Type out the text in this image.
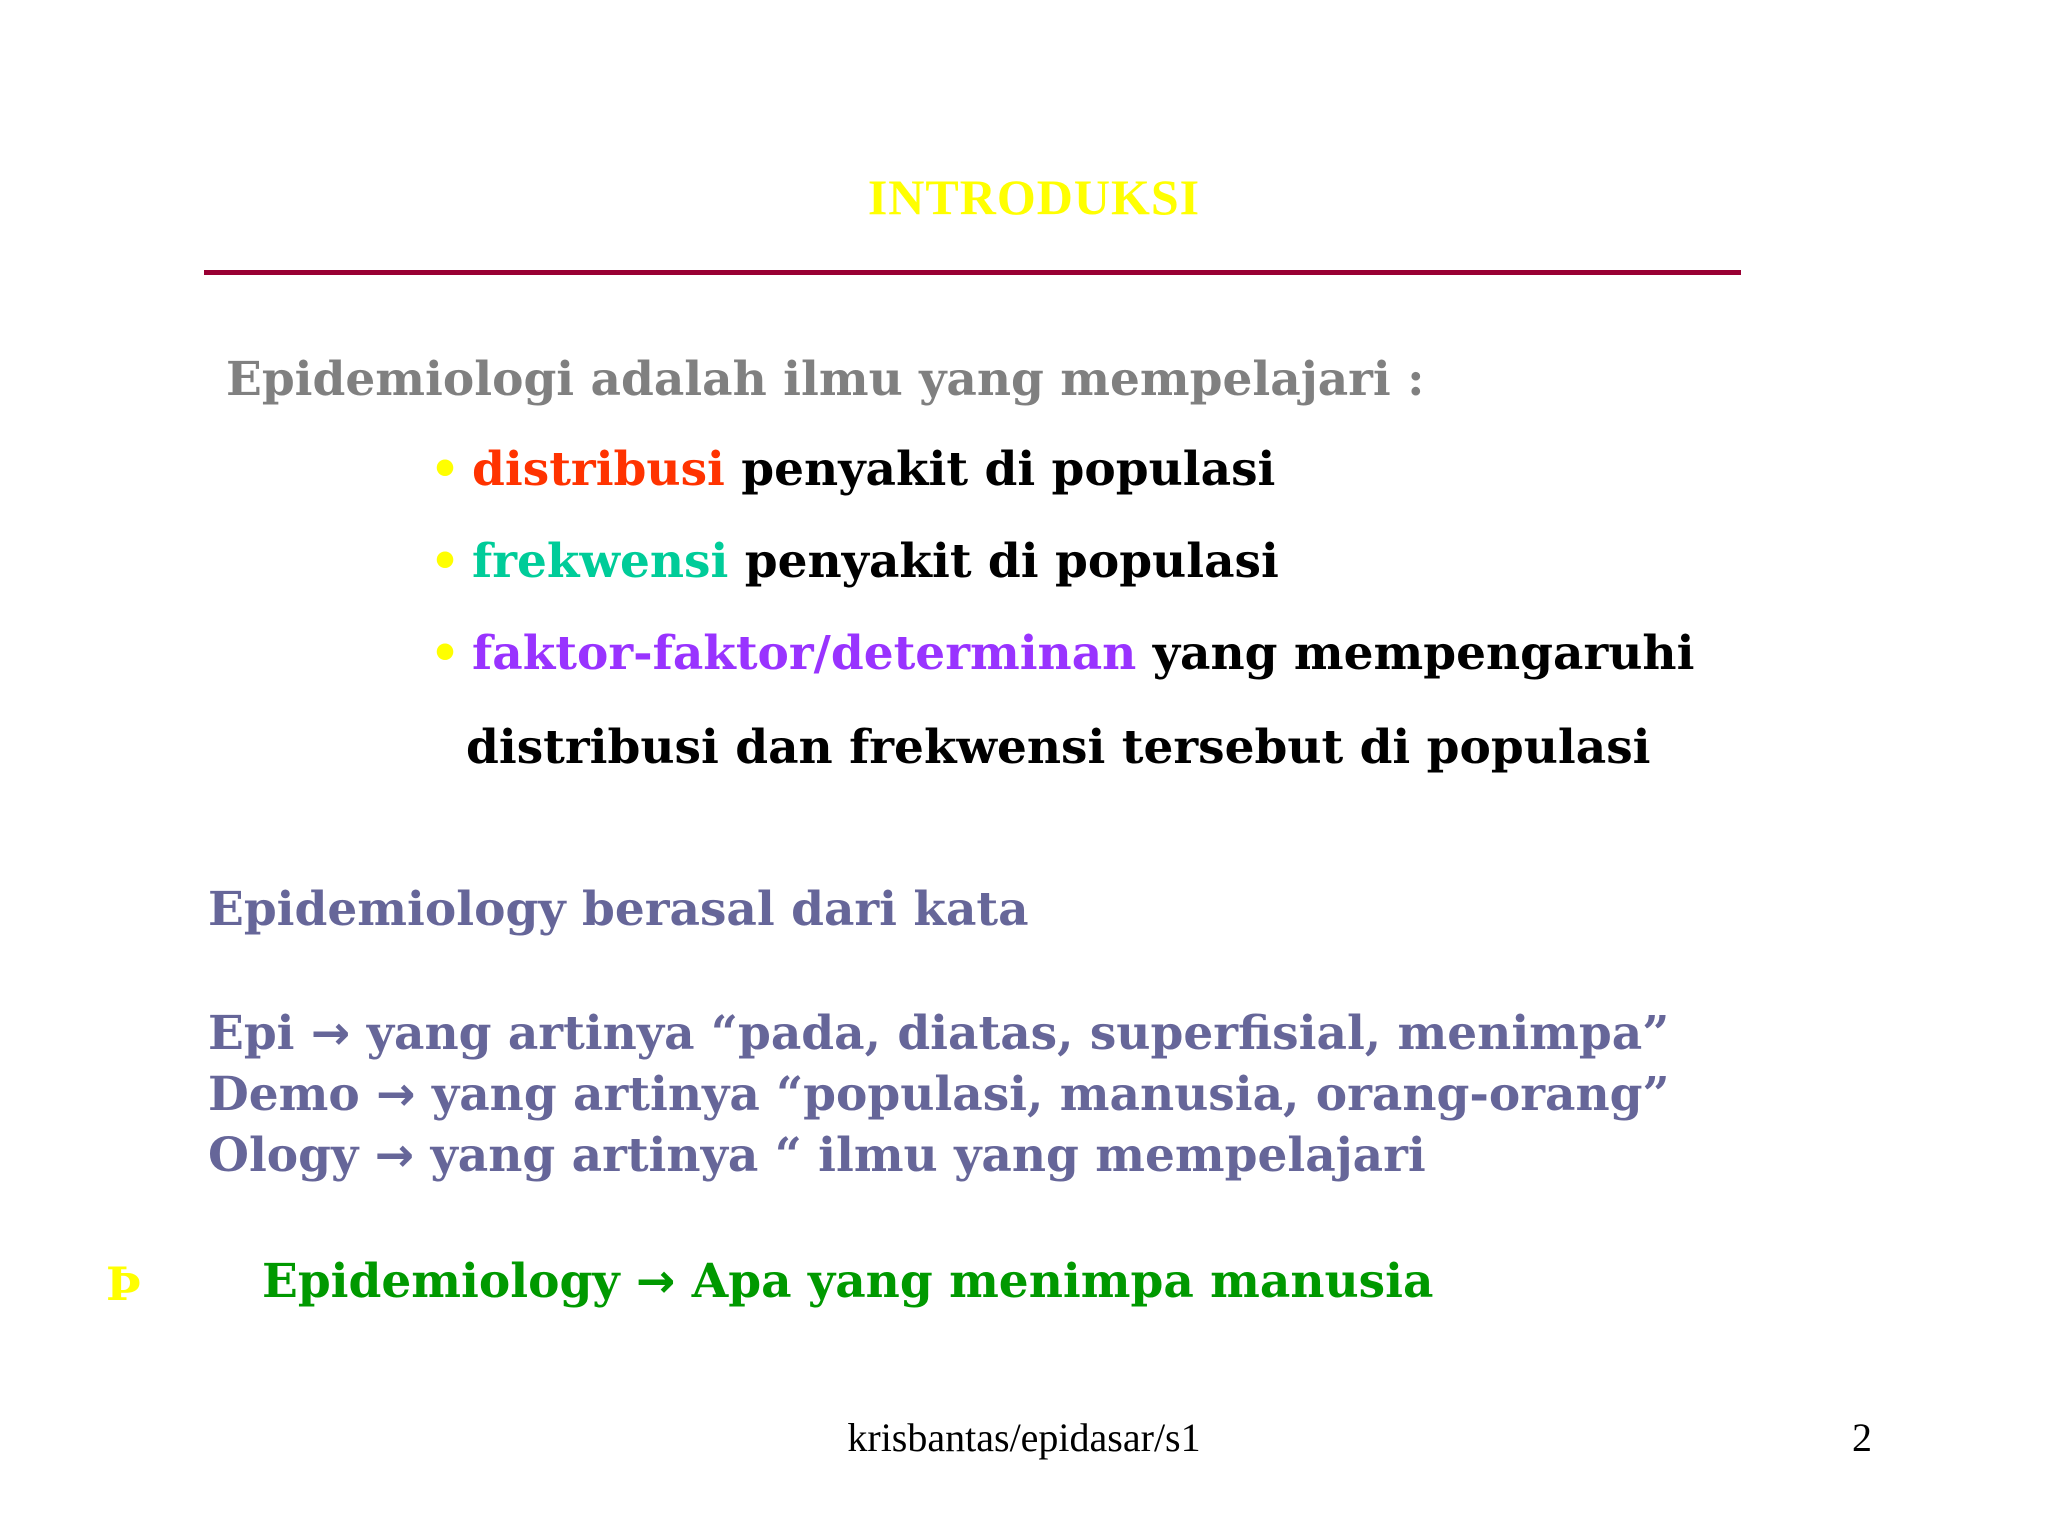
INTRODUKSI
Epidemiologi adalah ilmu yang mempelajari :
• distribusi penyakit di populasi
• frekwensi penyakit di populasi
• faktor-faktor/determinan yang mempengaruhi
distribusi dan frekwensi tersebut di populasi
Epidemiology berasal dari kata
Epi → yang artinya “pada, diatas, superfisial, menimpa”
Demo → yang artinya “populasi, manusia, orang-orang”
Ology → yang artinya “ ilmu yang mempelajari
Þ	Epidemiology → Apa yang menimpa manusia
krisbantas/epidasar/s1	2
